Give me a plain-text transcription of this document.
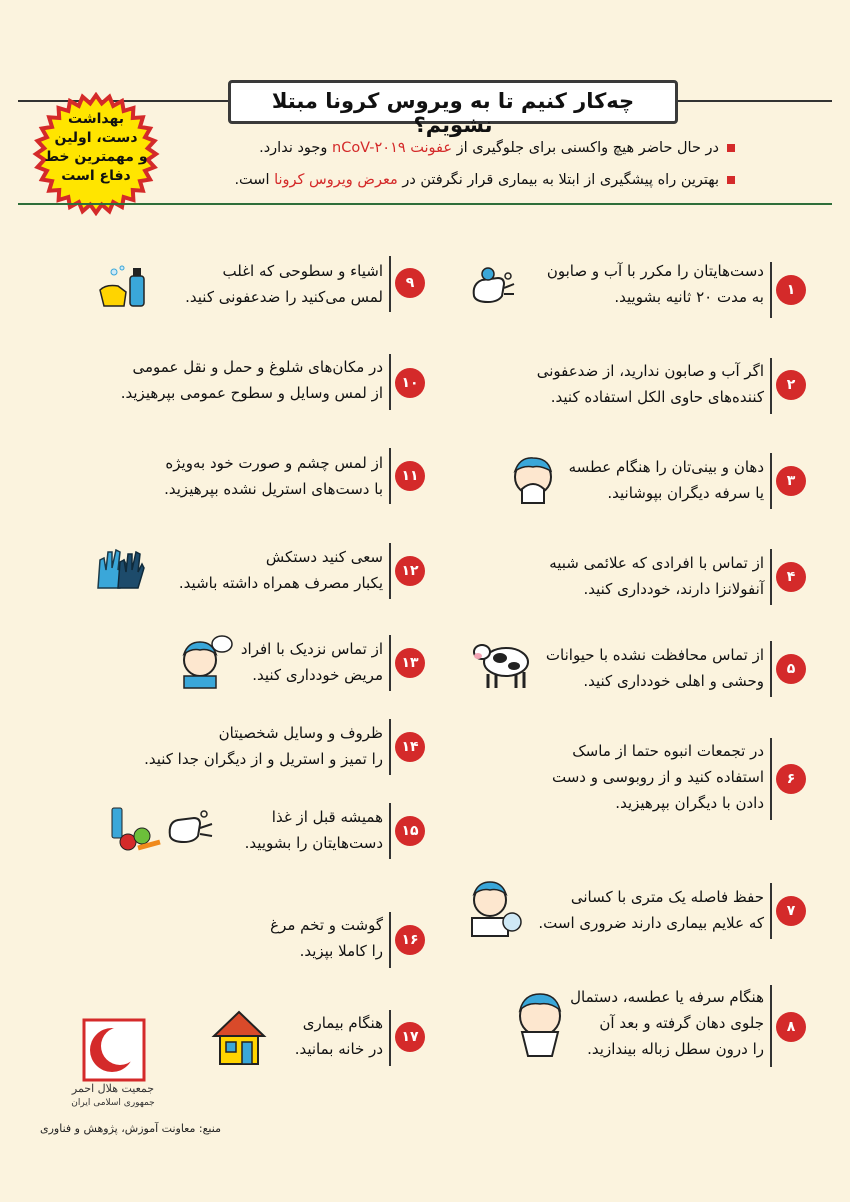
چه‌کار کنیم تا به ویروس کرونا مبتلا نشویم؟
بهداشت
دست، اولین
و مهمترین خط
دفاع است
در حال حاضر هیچ واکسنی برای جلوگیری از عفونت nCoV-۲۰۱۹ وجود ندارد.
بهترین راه پیشگیری از ابتلا به بیماری قرار نگرفتن در معرض ویروس کرونا است.
۱
دست‌هایتان را مکرر با آب و صابون
به مدت ۲۰ ثانیه بشویید.
۲
اگر آب و صابون ندارید، از ضدعفونی
کننده‌های حاوی الکل استفاده کنید.
۳
دهان و بینی‌تان را هنگام عطسه
یا سرفه دیگران بپوشانید.
۴
از تماس با افرادی که علائمی شبیه
آنفولانزا دارند، خودداری کنید.
۵
از تماس محافظت نشده با حیوانات
وحشی و اهلی خودداری کنید.
۶
در تجمعات انبوه حتما از ماسک
استفاده کنید و از روبوسی و دست
دادن با دیگران بپرهیزید.
۷
حفظ فاصله یک متری با کسانی
که علایم بیماری دارند ضروری است.
۸
هنگام سرفه یا عطسه، دستمال
جلوی دهان گرفته و بعد آن
را درون سطل زباله بیندازید.
۹
اشیاء و سطوحی که اغلب
لمس می‌کنید را ضدعفونی کنید.
۱۰
در مکان‌های شلوغ و حمل و نقل عمومی
از لمس وسایل و سطوح عمومی بپرهیزید.
۱۱
از لمس چشم و صورت خود به‌ویژه
با دست‌های استریل نشده بپرهیزید.
۱۲
سعی کنید دستکش
یکبار مصرف همراه داشته باشید.
۱۳
از تماس نزدیک با افراد
مریض خودداری کنید.
۱۴
ظروف و وسایل شخصیتان
را تمیز و استریل و از دیگران جدا کنید.
۱۵
همیشه قبل از غذا
دست‌هایتان را بشویید.
۱۶
گوشت و تخم مرغ
را کاملا بپزید.
۱۷
هنگام بیماری
در خانه بمانید.
جمعیت هلال احمر
جمهوری اسلامی ایران
منبع: معاونت آموزش، پژوهش و فناوری
